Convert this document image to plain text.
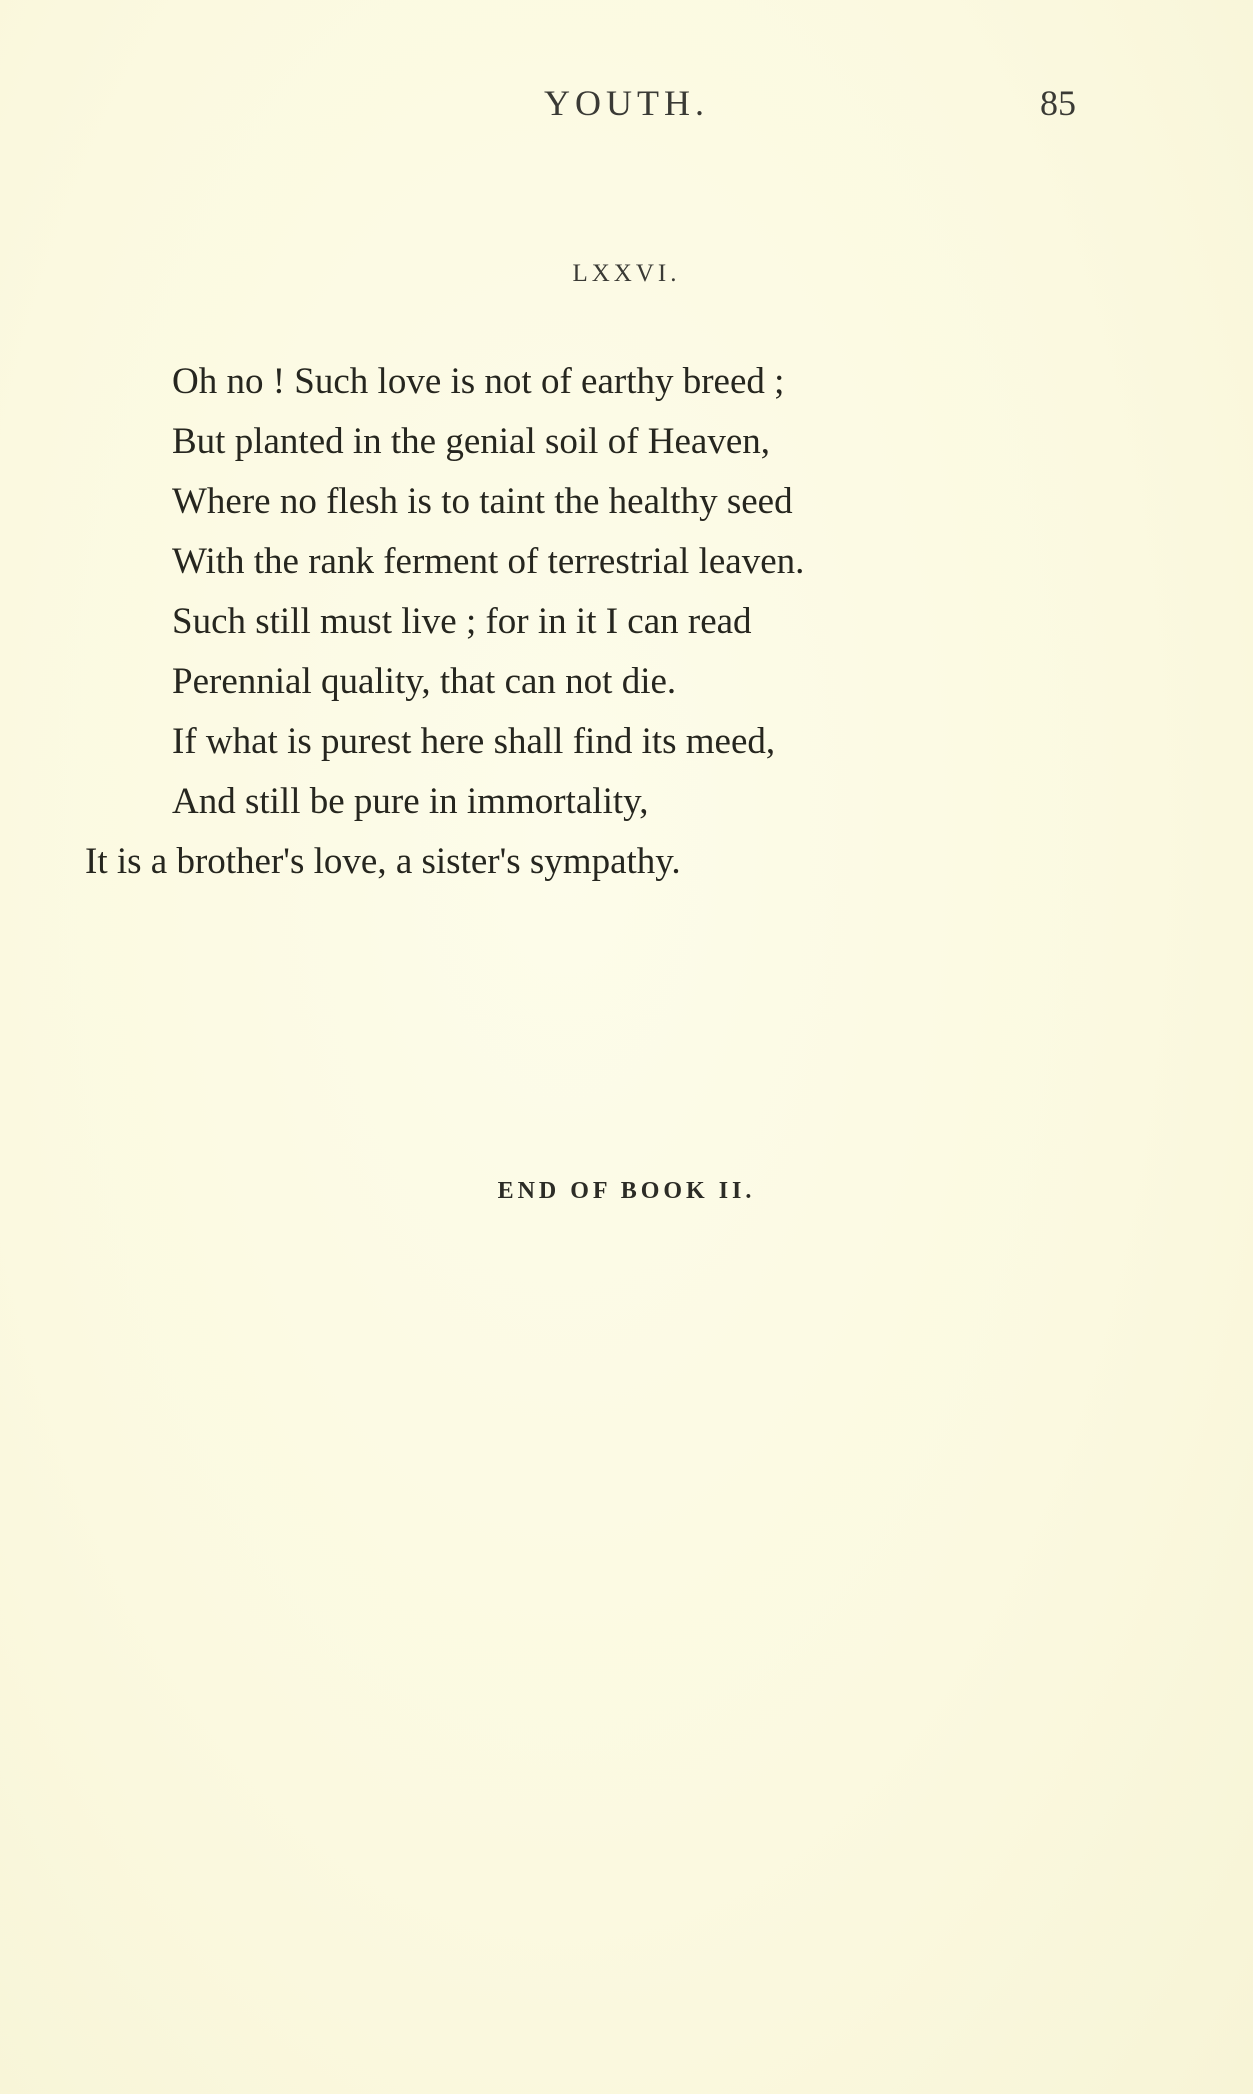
YOUTH.	85
LXXVI.
Oh no ! Such love is not of earthy breed ;
But planted in the genial soil of Heaven,
Where no flesh is to taint the healthy seed
With the rank ferment of terrestrial leaven.
Such still must live ; for in it I can read
Perennial quality, that can not die.
If what is purest here shall find its meed,
And still be pure in immortality,
It is a brother's love, a sister's sympathy.
END OF BOOK II.
